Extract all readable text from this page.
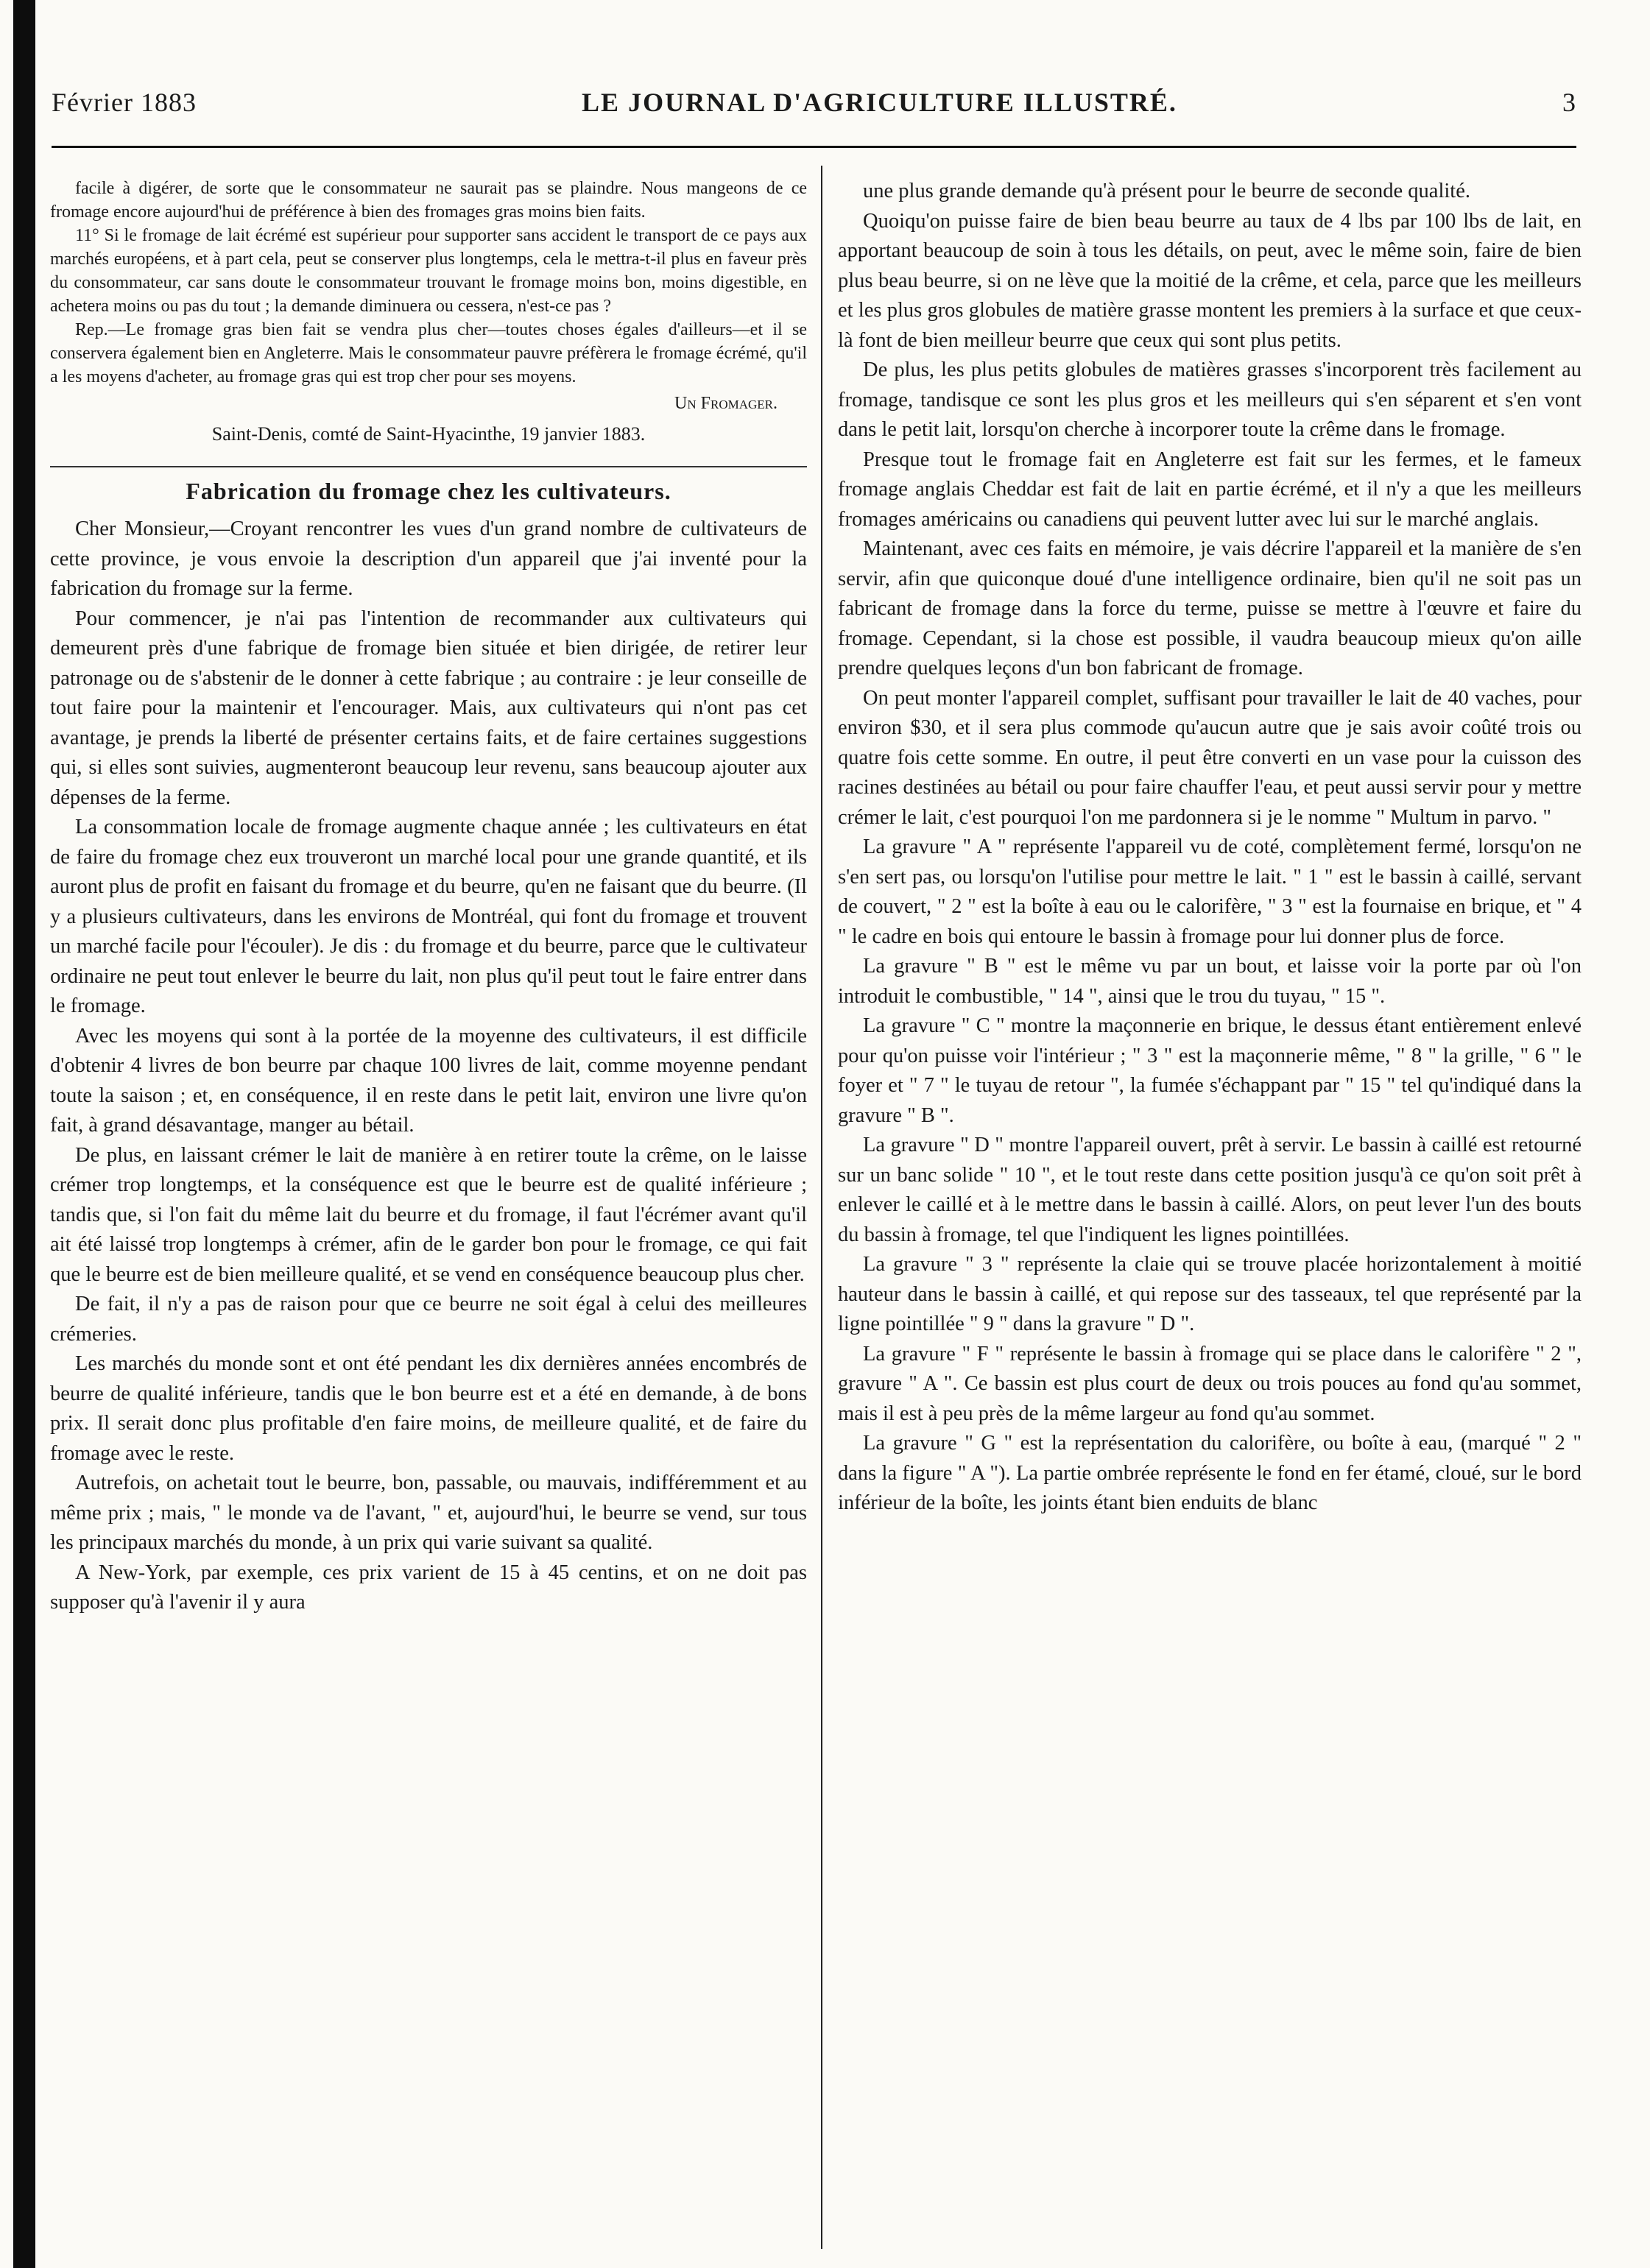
Février 1883	LE JOURNAL D'AGRICULTURE ILLUSTRÉ.	3

facile à digérer, de sorte que le consommateur ne saurait pas se plaindre. Nous mangeons de ce fromage encore aujourd'hui de préférence à bien des fromages gras moins bien faits.

11° Si le fromage de lait écrémé est supérieur pour supporter sans accident le transport de ce pays aux marchés européens, et à part cela, peut se conserver plus longtemps, cela le mettra-t-il plus en faveur près du consommateur, car sans doute le consommateur trouvant le fromage moins bon, moins digestible, en achetera moins ou pas du tout ; la demande diminuera ou cessera, n'est-ce pas ?

Rep.—Le fromage gras bien fait se vendra plus cher—toutes choses égales d'ailleurs—et il se conservera également bien en Angleterre. Mais le consommateur pauvre préfèrera le fromage écrémé, qu'il a les moyens d'acheter, au fromage gras qui est trop cher pour ses moyens.

Un Fromager.

Saint-Denis, comté de Saint-Hyacinthe, 19 janvier 1883.

Fabrication du fromage chez les cultivateurs.

Cher Monsieur,—Croyant rencontrer les vues d'un grand nombre de cultivateurs de cette province, je vous envoie la description d'un appareil que j'ai inventé pour la fabrication du fromage sur la ferme.

Pour commencer, je n'ai pas l'intention de recommander aux cultivateurs qui demeurent près d'une fabrique de fromage bien située et bien dirigée, de retirer leur patronage ou de s'abstenir de le donner à cette fabrique ; au contraire : je leur conseille de tout faire pour la maintenir et l'encourager. Mais, aux cultivateurs qui n'ont pas cet avantage, je prends la liberté de présenter certains faits, et de faire certaines suggestions qui, si elles sont suivies, augmenteront beaucoup leur revenu, sans beaucoup ajouter aux dépenses de la ferme.

La consommation locale de fromage augmente chaque année ; les cultivateurs en état de faire du fromage chez eux trouveront un marché local pour une grande quantité, et ils auront plus de profit en faisant du fromage et du beurre, qu'en ne faisant que du beurre. (Il y a plusieurs cultivateurs, dans les environs de Montréal, qui font du fromage et trouvent un marché facile pour l'écouler). Je dis : du fromage et du beurre, parce que le cultivateur ordinaire ne peut tout enlever le beurre du lait, non plus qu'il peut tout le faire entrer dans le fromage.

Avec les moyens qui sont à la portée de la moyenne des cultivateurs, il est difficile d'obtenir 4 livres de bon beurre par chaque 100 livres de lait, comme moyenne pendant toute la saison ; et, en conséquence, il en reste dans le petit lait, environ une livre qu'on fait, à grand désavantage, manger au bétail.

De plus, en laissant crémer le lait de manière à en retirer toute la crême, on le laisse crémer trop longtemps, et la conséquence est que le beurre est de qualité inférieure ; tandis que, si l'on fait du même lait du beurre et du fromage, il faut l'écrémer avant qu'il ait été laissé trop longtemps à crémer, afin de le garder bon pour le fromage, ce qui fait que le beurre est de bien meilleure qualité, et se vend en conséquence beaucoup plus cher.

De fait, il n'y a pas de raison pour que ce beurre ne soit égal à celui des meilleures crémeries.

Les marchés du monde sont et ont été pendant les dix dernières années encombrés de beurre de qualité inférieure, tandis que le bon beurre est et a été en demande, à de bons prix. Il serait donc plus profitable d'en faire moins, de meilleure qualité, et de faire du fromage avec le reste.

Autrefois, on achetait tout le beurre, bon, passable, ou mauvais, indifféremment et au même prix ; mais, " le monde va de l'avant, " et, aujourd'hui, le beurre se vend, sur tous les principaux marchés du monde, à un prix qui varie suivant sa qualité.

A New-York, par exemple, ces prix varient de 15 à 45 centins, et on ne doit pas supposer qu'à l'avenir il y aura

une plus grande demande qu'à présent pour le beurre de seconde qualité.

Quoiqu'on puisse faire de bien beau beurre au taux de 4 lbs par 100 lbs de lait, en apportant beaucoup de soin à tous les détails, on peut, avec le même soin, faire de bien plus beau beurre, si on ne lève que la moitié de la crême, et cela, parce que les meilleurs et les plus gros globules de matière grasse montent les premiers à la surface et que ceux-là font de bien meilleur beurre que ceux qui sont plus petits.

De plus, les plus petits globules de matières grasses s'incorporent très facilement au fromage, tandisque ce sont les plus gros et les meilleurs qui s'en séparent et s'en vont dans le petit lait, lorsqu'on cherche à incorporer toute la crême dans le fromage.

Presque tout le fromage fait en Angleterre est fait sur les fermes, et le fameux fromage anglais Cheddar est fait de lait en partie écrémé, et il n'y a que les meilleurs fromages américains ou canadiens qui peuvent lutter avec lui sur le marché anglais.

Maintenant, avec ces faits en mémoire, je vais décrire l'appareil et la manière de s'en servir, afin que quiconque doué d'une intelligence ordinaire, bien qu'il ne soit pas un fabricant de fromage dans la force du terme, puisse se mettre à l'œuvre et faire du fromage. Cependant, si la chose est possible, il vaudra beaucoup mieux qu'on aille prendre quelques leçons d'un bon fabricant de fromage.

On peut monter l'appareil complet, suffisant pour travailler le lait de 40 vaches, pour environ $30, et il sera plus commode qu'aucun autre que je sais avoir coûté trois ou quatre fois cette somme. En outre, il peut être converti en un vase pour la cuisson des racines destinées au bétail ou pour faire chauffer l'eau, et peut aussi servir pour y mettre crémer le lait, c'est pourquoi l'on me pardonnera si je le nomme " Multum in parvo. "

La gravure " A " représente l'appareil vu de coté, complètement fermé, lorsqu'on ne s'en sert pas, ou lorsqu'on l'utilise pour mettre le lait. " 1 " est le bassin à caillé, servant de couvert, " 2 " est la boîte à eau ou le calorifère, " 3 " est la fournaise en brique, et " 4 " le cadre en bois qui entoure le bassin à fromage pour lui donner plus de force.

La gravure " B " est le même vu par un bout, et laisse voir la porte par où l'on introduit le combustible, " 14 ", ainsi que le trou du tuyau, " 15 ".

La gravure " C " montre la maçonnerie en brique, le dessus étant entièrement enlevé pour qu'on puisse voir l'intérieur ; " 3 " est la maçonnerie même, " 8 " la grille, " 6 " le foyer et " 7 " le tuyau de retour ", la fumée s'échappant par " 15 " tel qu'indiqué dans la gravure " B ".

La gravure " D " montre l'appareil ouvert, prêt à servir. Le bassin à caillé est retourné sur un banc solide " 10 ", et le tout reste dans cette position jusqu'à ce qu'on soit prêt à enlever le caillé et à le mettre dans le bassin à caillé. Alors, on peut lever l'un des bouts du bassin à fromage, tel que l'indiquent les lignes pointillées.

La gravure " 3 " représente la claie qui se trouve placée horizontalement à moitié hauteur dans le bassin à caillé, et qui repose sur des tasseaux, tel que représenté par la ligne pointillée " 9 " dans la gravure " D ".

La gravure " F " représente le bassin à fromage qui se place dans le calorifère " 2 ", gravure " A ". Ce bassin est plus court de deux ou trois pouces au fond qu'au sommet, mais il est à peu près de la même largeur au fond qu'au sommet.

La gravure " G " est la représentation du calorifère, ou boîte à eau, (marqué " 2 " dans la figure " A "). La partie ombrée représente le fond en fer étamé, cloué, sur le bord inférieur de la boîte, les joints étant bien enduits de blanc
